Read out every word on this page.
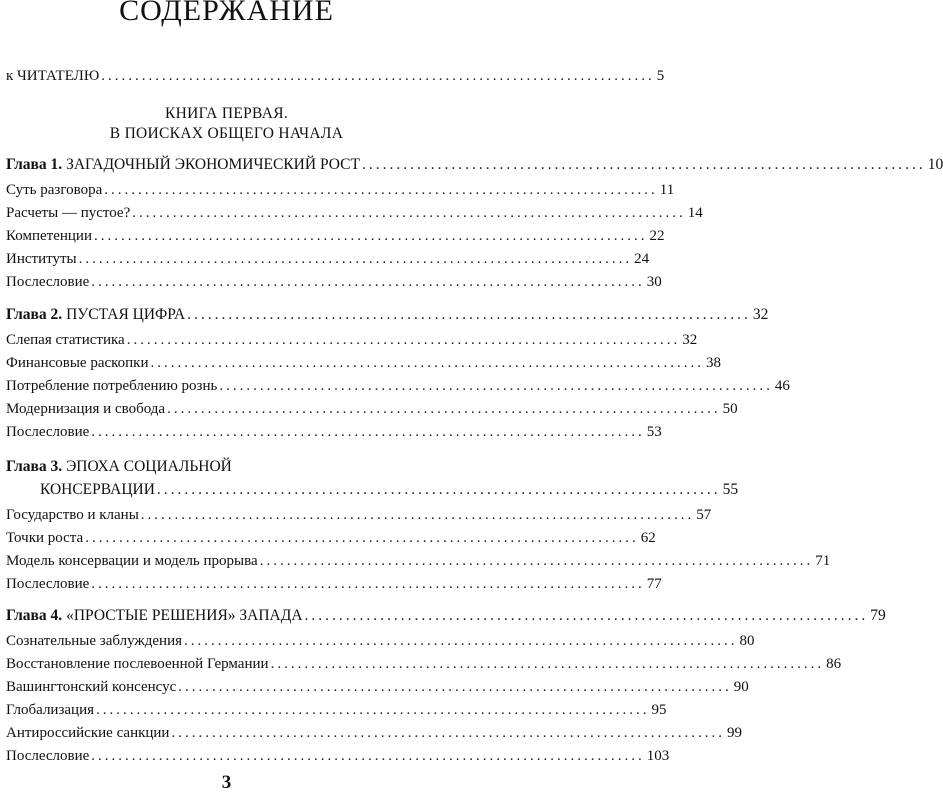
СОДЕРЖАНИЕ
к ЧИТАТЕЛЮ .................................................................................. 5
КНИГА ПЕРВАЯ.
В ПОИСКАХ ОБЩЕГО НАЧАЛА
Глава 1. ЗАГАДОЧНЫЙ ЭКОНОМИЧЕСКИЙ РОСТ .................................................................................. 10
Суть разговора .................................................................................. 11
Расчеты — пустое? .................................................................................. 14
Компетенции .................................................................................. 22
Институты .................................................................................. 24
Послесловие .................................................................................. 30
Глава 2. ПУСТАЯ ЦИФРА .................................................................................. 32
Слепая статистика .................................................................................. 32
Финансовые раскопки .................................................................................. 38
Потребление потреблению рознь .................................................................................. 46
Модернизация и свобода .................................................................................. 50
Послесловие .................................................................................. 53
Глава 3. ЭПОХА СОЦИАЛЬНОЙ
КОНСЕРВАЦИИ .................................................................................. 55
Государство и кланы .................................................................................. 57
Точки роста .................................................................................. 62
Модель консервации и модель прорыва .................................................................................. 71
Послесловие .................................................................................. 77
Глава 4. «ПРОСТЫЕ РЕШЕНИЯ» ЗАПАДА .................................................................................. 79
Сознательные заблуждения .................................................................................. 80
Восстановление послевоенной Германии .................................................................................. 86
Вашингтонский консенсус .................................................................................. 90
Глобализация .................................................................................. 95
Антироссийские санкции .................................................................................. 99
Послесловие .................................................................................. 103
3
